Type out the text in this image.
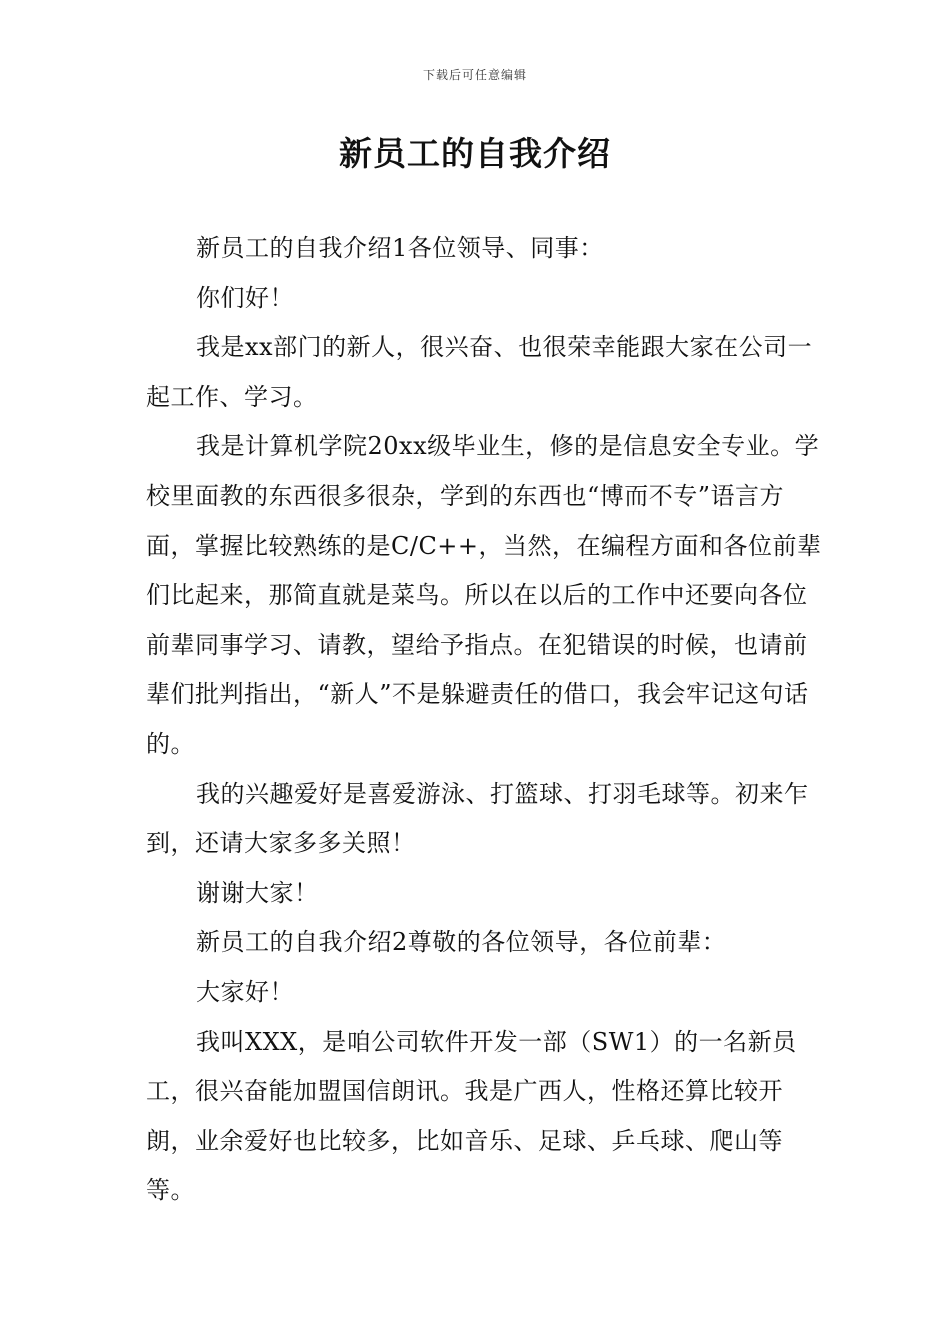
下载后可任意编辑
新员工的自我介绍

新员工的自我介绍1各位领导、同事：

你们好！

我是xx部门的新人，很兴奋、也很荣幸能跟大家在公司一起工作、学习。

我是计算机学院20xx级毕业生，修的是信息安全专业。学校里面教的东西很多很杂，学到的东西也“博而不专”语言方面，掌握比较熟练的是C/C++，当然，在编程方面和各位前辈们比起来，那简直就是菜鸟。所以在以后的工作中还要向各位前辈同事学习、请教，望给予指点。在犯错误的时候，也请前辈们批判指出，“新人”不是躲避责任的借口，我会牢记这句话的。

我的兴趣爱好是喜爱游泳、打篮球、打羽毛球等。初来乍到，还请大家多多关照！

谢谢大家！

新员工的自我介绍2尊敬的各位领导，各位前辈：

大家好！

我叫XXX，是咱公司软件开发一部（SW1）的一名新员工，很兴奋能加盟国信朗讯。我是广西人，性格还算比较开朗，业余爱好也比较多，比如音乐、足球、乒乓球、爬山等等。
